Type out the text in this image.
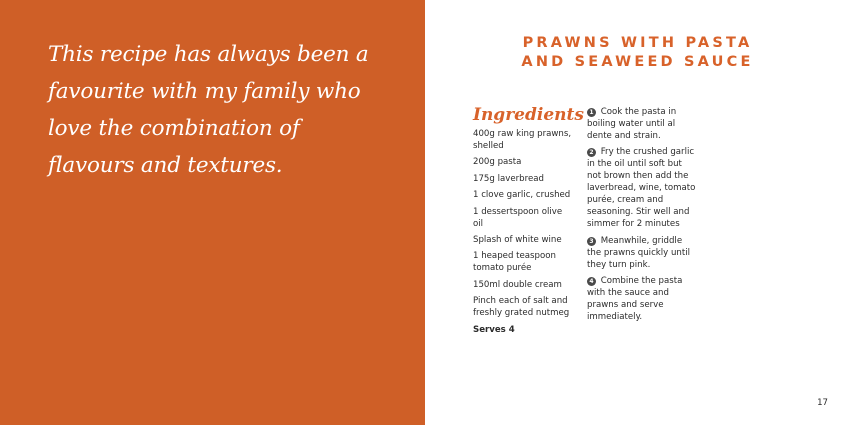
This recipe has always been a favourite with my family who love the combination of flavours and textures.

PRAWNS WITH PASTA
AND SEAWEED SAUCE
Ingredients
400g raw king prawns, shelled
200g pasta
175g laverbread
1 clove garlic, crushed
1 dessertspoon olive oil
Splash of white wine
1 heaped teaspoon tomato purée
150ml double cream
Pinch each of salt and freshly grated nutmeg

Serves 4

1 Cook the pasta in boiling water until al dente and strain.

2 Fry the crushed garlic in the oil until soft but not brown then add the laverbread, wine, tomato purée, cream and seasoning. Stir well and simmer for 2 minutes

3 Meanwhile, griddle the prawns quickly until they turn pink.

4 Combine the pasta with the sauce and prawns and serve immediately.

17
